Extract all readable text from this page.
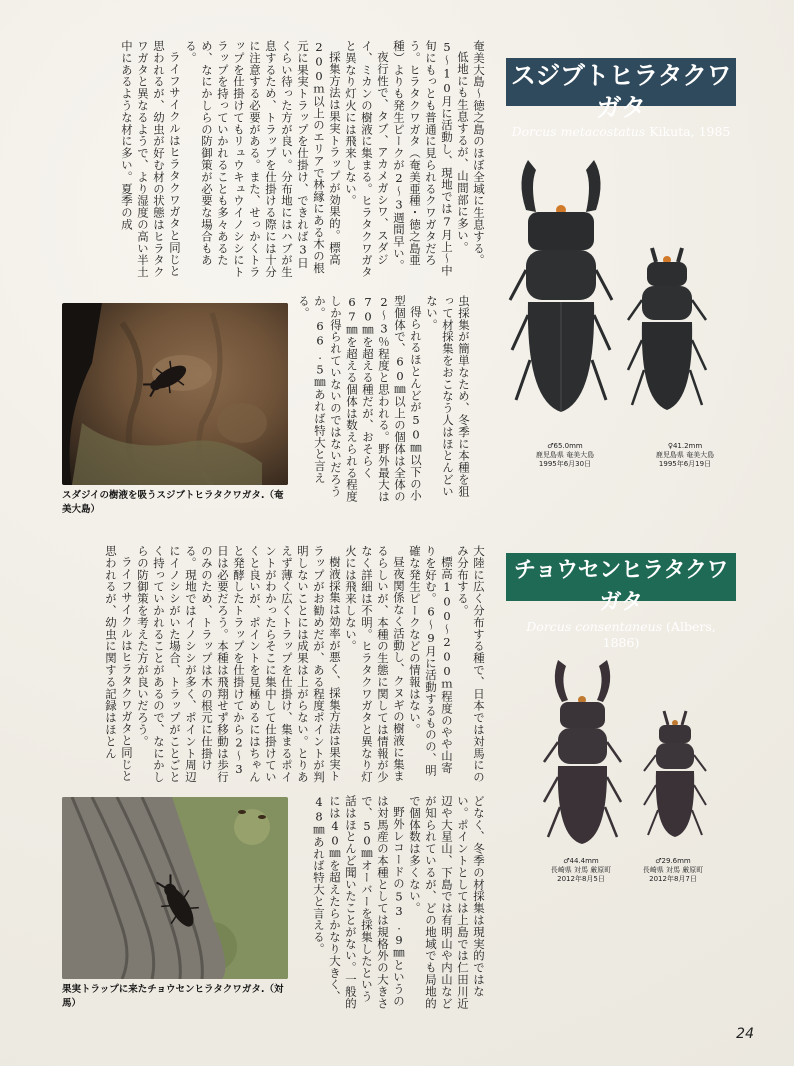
奄美大島〜徳之島のほぼ全域に生息する。

低地にも生息するが、山間部に多い。5〜10月に活動し、現地では7月上〜中旬にもっとも普通に見られるクワガタだろう。ヒラタクワガタ（奄美亜種・徳之島亜種）よりも発生ピークが2〜3週間早い。

夜行性で、タブ、アカメガシワ、スダジイ、ミカンの樹液に集まる。ヒラタクワガタと異なり灯火には飛来しない。

採集方法は果実トラップが効果的。標高200ｍ以上のエリアで林縁にある木の根元に果実トラップを仕掛け、できれば3日くらい待った方が良い。分布地にはハブが生息するため、トラップを仕掛ける際には十分に注意する必要がある。また、せっかくトラップを仕掛けてもリュウキュウイノシシにトラップを持っていかれることも多々あるため、なにかしらの防御策が必要な場合もある。

ライフサイクルはヒラタクワガタと同じと思われるが、幼虫が好む材の状態はヒラタクワガタと異なるようで、より湿度の高い半土中にあるような材に多い。夏季の成

虫採集が簡単なため、冬季に本種を狙って材採集をおこなう人はほとんどいない。

得られるほとんどが50㎜以下の小型個体で、60㎜以上の個体は全体の2〜3％程度と思われる。野外最大は70㎜を超える種だが、おそらく67㎜を超える個体は数えられる程度しか得られていないのではないだろうか。66.5㎜あれば特大と言える。

スダジイの樹液を吸うスジブトヒラタクワガタ.（奄美大島）
スジブトヒラタクワガタ
Dorcus metacostatus Kikuta, 1985
♂65.0mm
鹿児島県 奄美大島
1995年6月30日
♀41.2mm
鹿児島県 奄美大島
1995年6月19日
チョウセンヒラタクワガタ
Dorcus consentaneus (Albers, 1886)

大陸に広く分布する種で、日本では対馬にのみ分布する。

標高100〜200ｍ程度のやや山寄りを好む。6〜9月に活動するものの、明確な発生ピークなどの情報はない。

昼夜関係なく活動し、クヌギの樹液に集まるらしいが、本種の生態に関しては情報が少なく詳細は不明。ヒラタクワガタと異なり灯火には飛来しない。

樹液採集は効率が悪く、採集方法は果実トラップがお勧めだが、ある程度ポイントが判明しないことには成果は上がらない。とりあえず薄く広くトラップを仕掛け、集まるポイントがわかったらそこに集中して仕掛けていくと良いが、ポイントを見極めるにはちゃんと発酵したトラップを仕掛けてから2〜3日は必要だろう。本種は飛翔せず移動は歩行のみのため、トラップは木の根元に仕掛ける。現地ではイノシシが多く、ポイント周辺にイノシシがいた場合、トラップがことごとく持っていかれることがあるので、なにかしらの防御策を考えた方が良いだろう。

ライフサイクルはヒラタクワガタと同じと思われるが、幼虫に関する記録はほとん

どなく、冬季の材採集は現実的ではない。ポイントとしては上島では仁田川近辺や大星山、下島では有明山や内山などが知られているが、どの地域でも局地的で個体数は多くない。

野外レコードの53.9㎜というのは対馬産の本種としては規格外の大きさで、50㎜オーバーを採集したという話はほとんど聞いたことがない。一般的には40㎜を超えたらかなり大きく、48㎜あれば特大と言える。

果実トラップに来たチョウセンヒラタクワガタ.（対馬）
♂44.4mm
長崎県 対馬 厳原町
2012年8月5日
♂29.6mm
長崎県 対馬 厳原町
2012年8月7日
24
